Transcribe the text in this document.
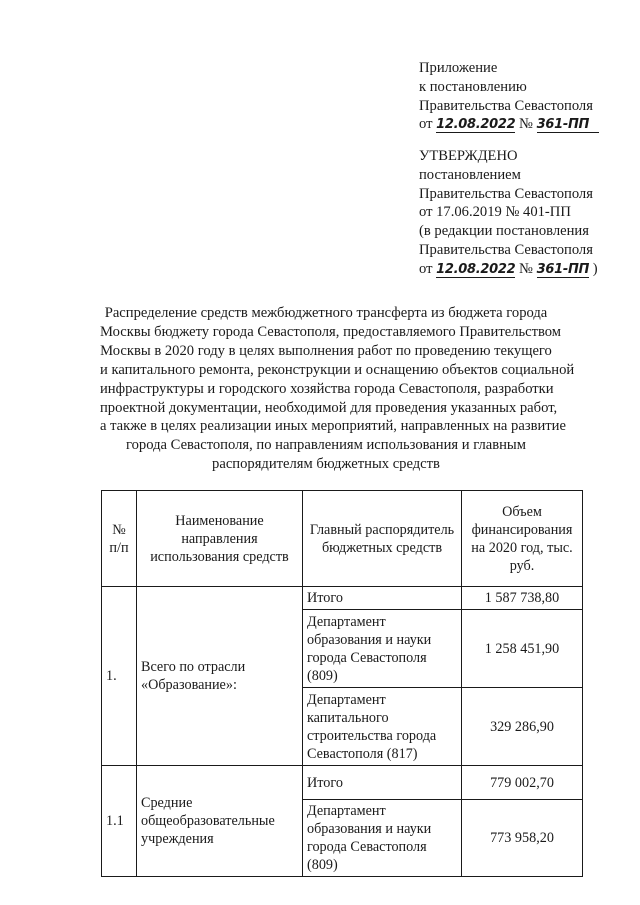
Приложение
к постановлению
Правительства Севастополя
от 12.08.2022 № 361-ПП
УТВЕРЖДЕНО
постановлением
Правительства Севастополя
от 17.06.2019 № 401-ПП
(в редакции постановления
Правительства Севастополя
от 12.08.2022 № 361-ПП )
Распределение средств межбюджетного трансферта из бюджета города
Москвы бюджету города Севастополя, предоставляемого Правительством
Москвы в 2020 году в целях выполнения работ по проведению текущего
и капитального ремонта, реконструкции и оснащению объектов социальной
инфраструктуры и городского хозяйства города Севастополя, разработки
проектной документации, необходимой для проведения указанных работ,
а также в целях реализации иных мероприятий, направленных на развитие
города Севастополя, по направлениям использования и главным
распорядителям бюджетных средств
№ п/п	Наименование направления использования средств	Главный распорядитель бюджетных средств	Объем финансирования на 2020 год, тыс. руб.
1.	Всего по отрасли «Образование»:	Итого	1 587 738,80
		Департамент образования и науки города Севастополя (809)	1 258 451,90
		Департамент капитального строительства города Севастополя (817)	329 286,90
1.1	Средние общеобразовательные учреждения	Итого	779 002,70
		Департамент образования и науки города Севастополя (809)	773 958,20
